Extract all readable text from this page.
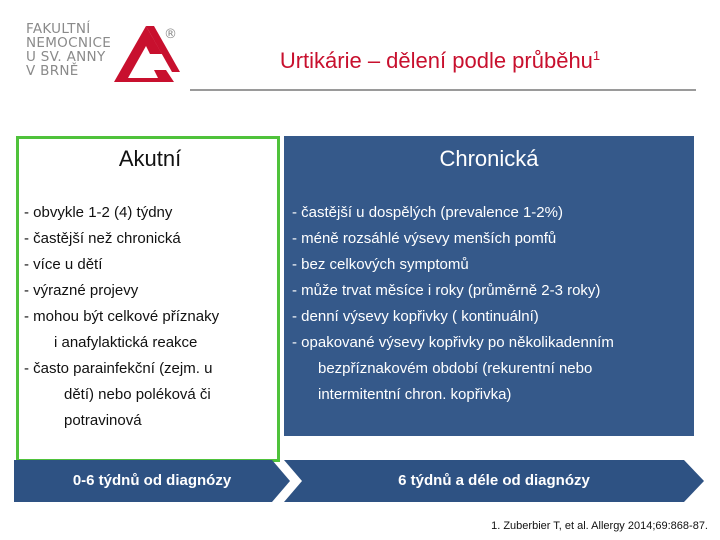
FAKULTNÍ
NEMOCNICE
U SV. ANNY
V BRNĚ
®
Urtikárie – dělení podle průběhu$^1$
Akutní
- obvykle 1-2 (4) týdny
- častější než chronická
- více u dětí
- výrazné projevy
- mohou být celkové příznaky
i anafylaktická reakce
- často parainfekční (zejm. u
dětí) nebo poléková či
potravinová
Chronická
- častější u dospělých (prevalence 1-2%)
- méně rozsáhlé výsevy menších pomfů
- bez celkových symptomů
- může trvat měsíce i roky (průměrně 2-3 roky)
- denní výsevy kopřivky ( kontinuální)
- opakované výsevy kopřivky po několikadenním
bezpříznakovém období (rekurentní nebo
intermitentní chron. kopřivka)
0-6 týdnů od diagnózy	6 týdnů a déle od diagnózy
1. Zuberbier T, et al. Allergy 2014;69:868-87.
